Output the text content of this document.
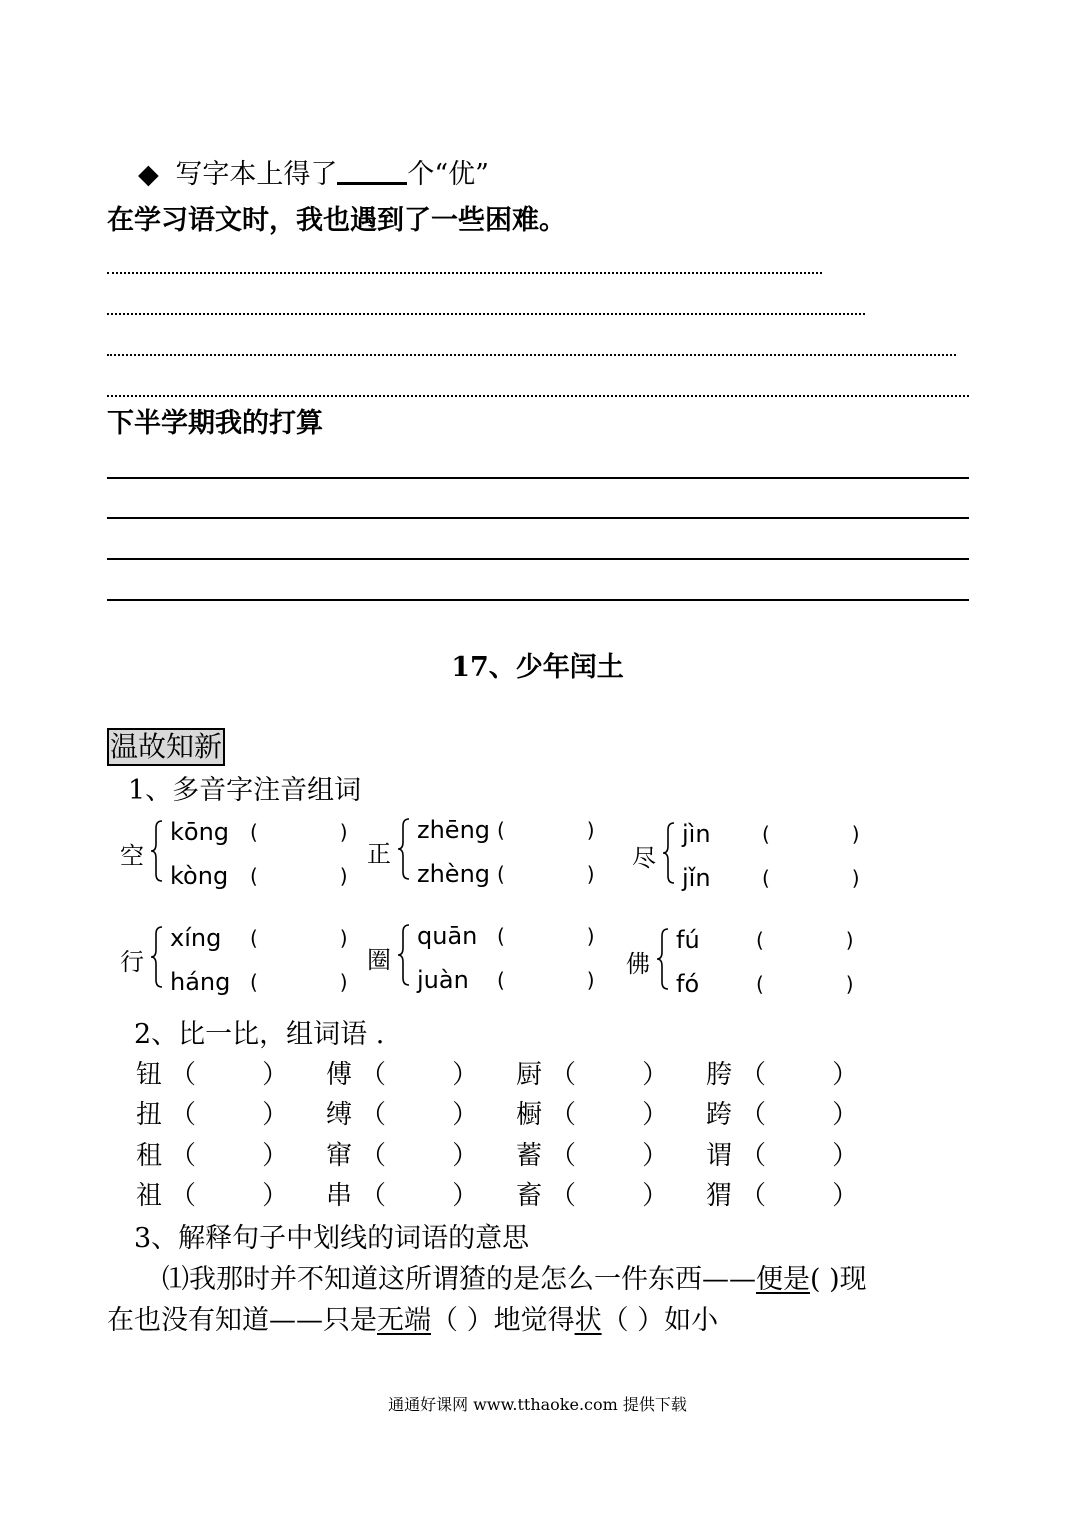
◆ 写字本上得了	个“优”
在学习语文时，我也遇到了一些困难。
下半学期我的打算
17、少年闰土
温故知新
1、多音字注音组词
空
kōng (           )
kòng (           )
正
zhēng (           )
zhèng (           )
尽
jìn	(           )
jǐn	(           )
行
xíng (           )
háng (           )
圈
quān (           )
juàn (           )
佛
fú	(           )
fó	(           )
2、比一比，组词语 .
钮 （        ） 傅 （        ） 厨 （        ） 胯 （        ）
扭 （        ） 缚 （        ） 橱 （        ） 跨 （        ）
租 （        ） 窜 （        ） 蓄 （        ） 谓 （        ）
祖 （        ） 串 （        ） 畜 （        ） 猬 （        ）
3、解释句子中划线的词语的意思
⑴我那时并不知道这所谓猹的是怎么一件东西——便是( )现
在也没有知道——只是无端（ ）地觉得状（ ）如小
通通好课网 www.tthaoke.com 提供下载
